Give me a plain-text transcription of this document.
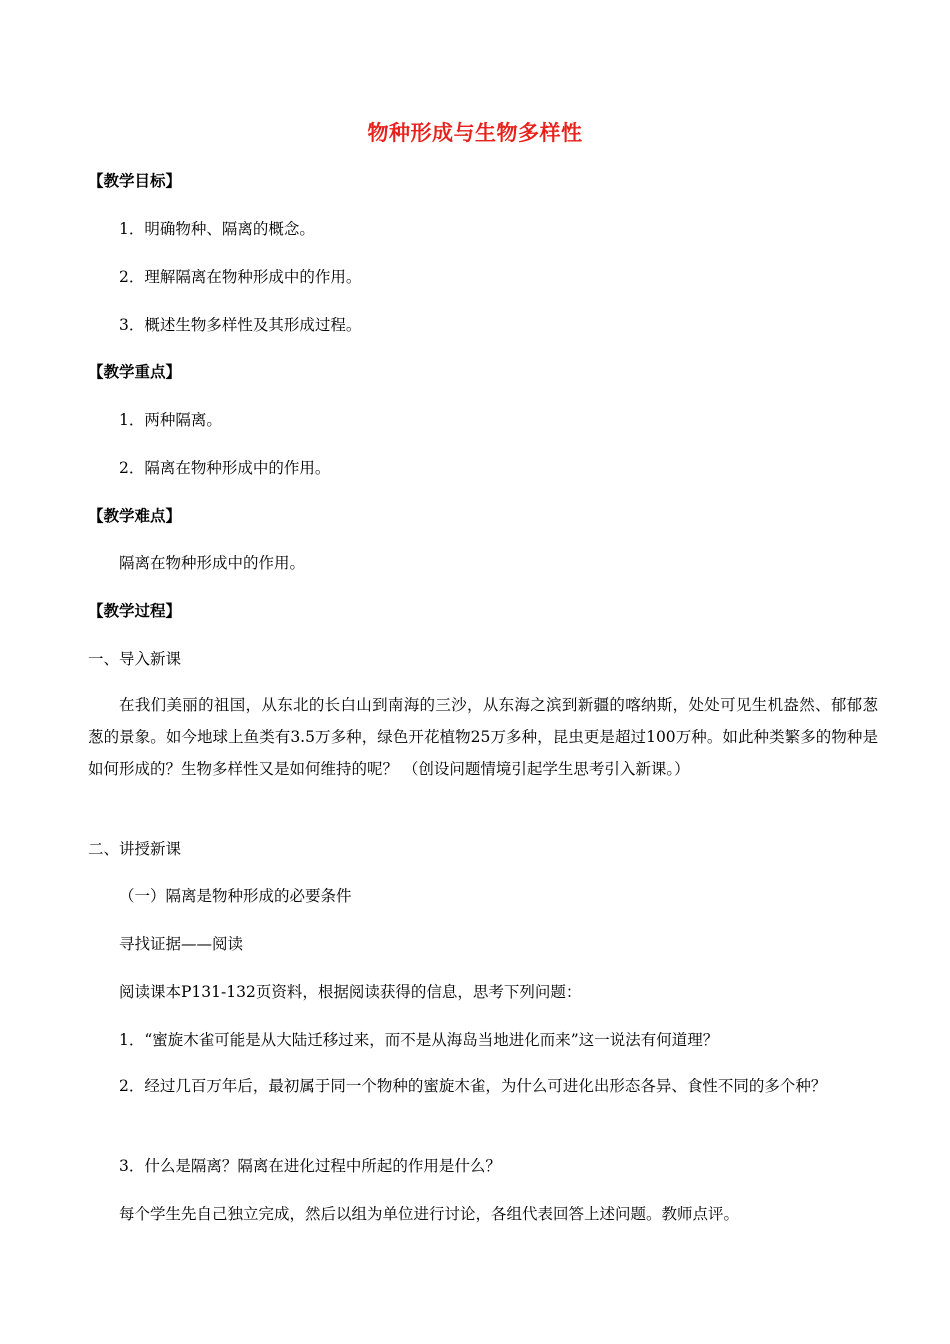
物种形成与生物多样性
【教学目标】
1．明确物种、隔离的概念。
2．理解隔离在物种形成中的作用。
3．概述生物多样性及其形成过程。
【教学重点】
1．两种隔离。
2．隔离在物种形成中的作用。
【教学难点】
隔离在物种形成中的作用。
【教学过程】
一、导入新课
在我们美丽的祖国，从东北的长白山到南海的三沙，从东海之滨到新疆的喀纳斯，处处可见生机盎然、郁郁葱葱的景象。如今地球上鱼类有3.5万多种，绿色开花植物25万多种，昆虫更是超过100万种。如此种类繁多的物种是如何形成的？生物多样性又是如何维持的呢？ （创设问题情境引起学生思考引入新课。）
二、讲授新课
（一）隔离是物种形成的必要条件
寻找证据——阅读
阅读课本P131-132页资料，根据阅读获得的信息，思考下列问题：
1．“蜜旋木雀可能是从大陆迁移过来，而不是从海岛当地进化而来”这一说法有何道理？
2．经过几百万年后，最初属于同一个物种的蜜旋木雀，为什么可进化出形态各异、食性不同的多个种？
3．什么是隔离？隔离在进化过程中所起的作用是什么？
每个学生先自己独立完成，然后以组为单位进行讨论，各组代表回答上述问题。教师点评。
